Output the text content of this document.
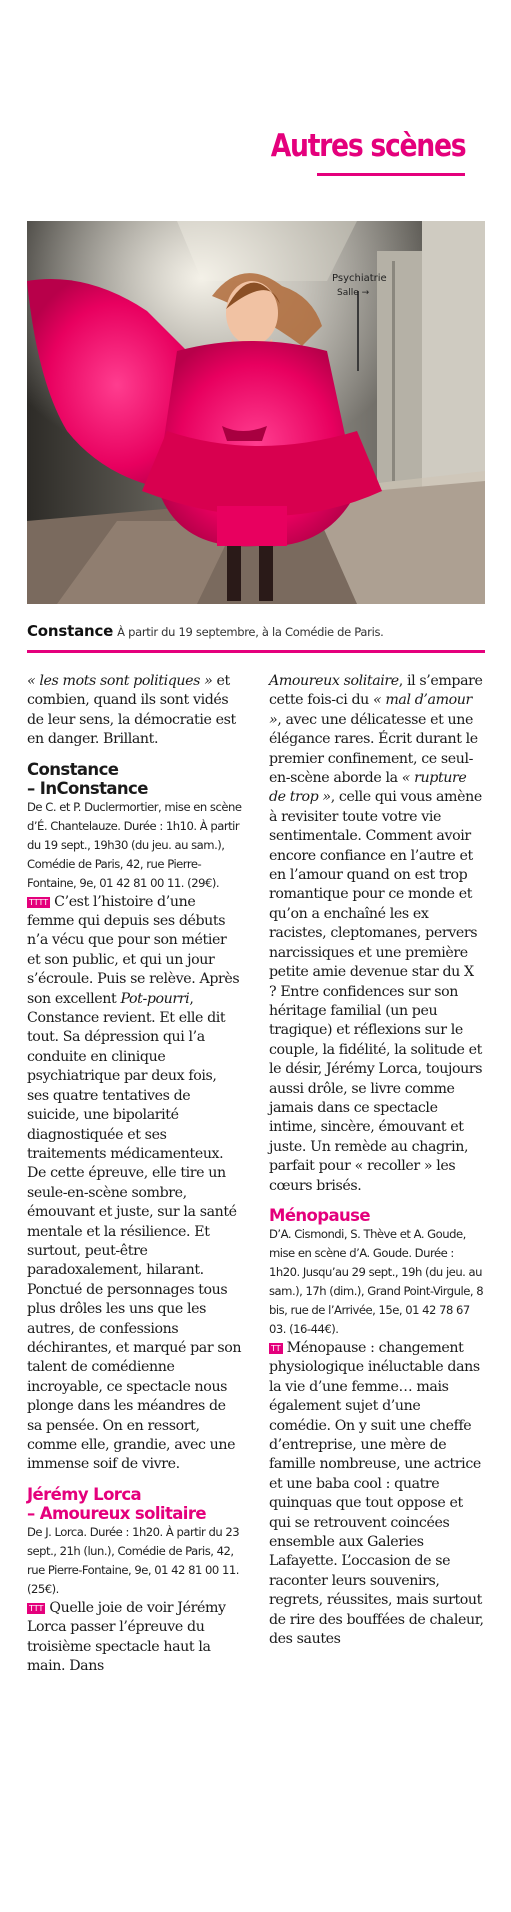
Autres scènes
Psychiatrie
Salle →
Constance À partir du 19 septembre, à la Comédie de Paris.

« les mots sont politiques » et combien, quand ils sont vidés de leur sens, la démocratie est en danger. Brillant.

Constance
– InConstance
De C. et P. Duclermortier, mise en scène d’É. Chantelauze. Durée : 1h10. À partir du 19 sept., 19h30 (du jeu. au sam.), Comédie de Paris, 42, rue Pierre-Fontaine, 9e, 01 42 81 00 11. (29€).

TTTT C’est l’histoire d’une femme qui depuis ses débuts n’a vécu que pour son métier et son public, et qui un jour s’écroule. Puis se relève. Après son excellent Pot-pourri, Constance revient. Et elle dit tout. Sa dépression qui l’a conduite en clinique psychiatrique par deux fois, ses quatre tentatives de suicide, une bipolarité diagnostiquée et ses traitements médicamenteux. De cette épreuve, elle tire un seule-en-scène sombre, émouvant et juste, sur la santé mentale et la résilience. Et surtout, peut-être paradoxalement, hilarant. Ponctué de personnages tous plus drôles les uns que les autres, de confessions déchirantes, et marqué par son talent de comédienne incroyable, ce spectacle nous plonge dans les méandres de sa pensée. On en ressort, comme elle, grandie, avec une immense soif de vivre.

Jérémy Lorca
– Amoureux solitaire
De J. Lorca. Durée : 1h20. À partir du 23 sept., 21h (lun.), Comédie de Paris, 42, rue Pierre-Fontaine, 9e, 01 42 81 00 11. (25€).

TTT Quelle joie de voir Jérémy Lorca passer l’épreuve du troisième spectacle haut la main. Dans

Amoureux solitaire, il s’empare cette fois-ci du « mal d’amour », avec une délicatesse et une élégance rares. Écrit durant le premier confinement, ce seul-en-scène aborde la « rupture de trop », celle qui vous amène à revisiter toute votre vie sentimentale. Comment avoir encore confiance en l’autre et en l’amour quand on est trop romantique pour ce monde et qu’on a enchaîné les ex racistes, cleptomanes, pervers narcissiques et une première petite amie devenue star du X ? Entre confidences sur son héritage familial (un peu tragique) et réflexions sur le couple, la fidélité, la solitude et le désir, Jérémy Lorca, toujours aussi drôle, se livre comme jamais dans ce spectacle intime, sincère, émouvant et juste. Un remède au chagrin, parfait pour « recoller » les cœurs brisés.

Ménopause
D’A. Cismondi, S. Thève et A. Goude, mise en scène d’A. Goude. Durée : 1h20. Jusqu’au 29 sept., 19h (du jeu. au sam.), 17h (dim.), Grand Point-Virgule, 8 bis, rue de l’Arrivée, 15e, 01 42 78 67 03. (16-44€).

TT Ménopause : changement physiologique inéluctable dans la vie d’une femme… mais également sujet d’une comédie. On y suit une cheffe d’entreprise, une mère de famille nombreuse, une actrice et une baba cool : quatre quinquas que tout oppose et qui se retrouvent coincées ensemble aux Galeries Lafayette. L’occasion de se raconter leurs souvenirs, regrets, réussites, mais surtout de rire des bouffées de chaleur, des sautes
